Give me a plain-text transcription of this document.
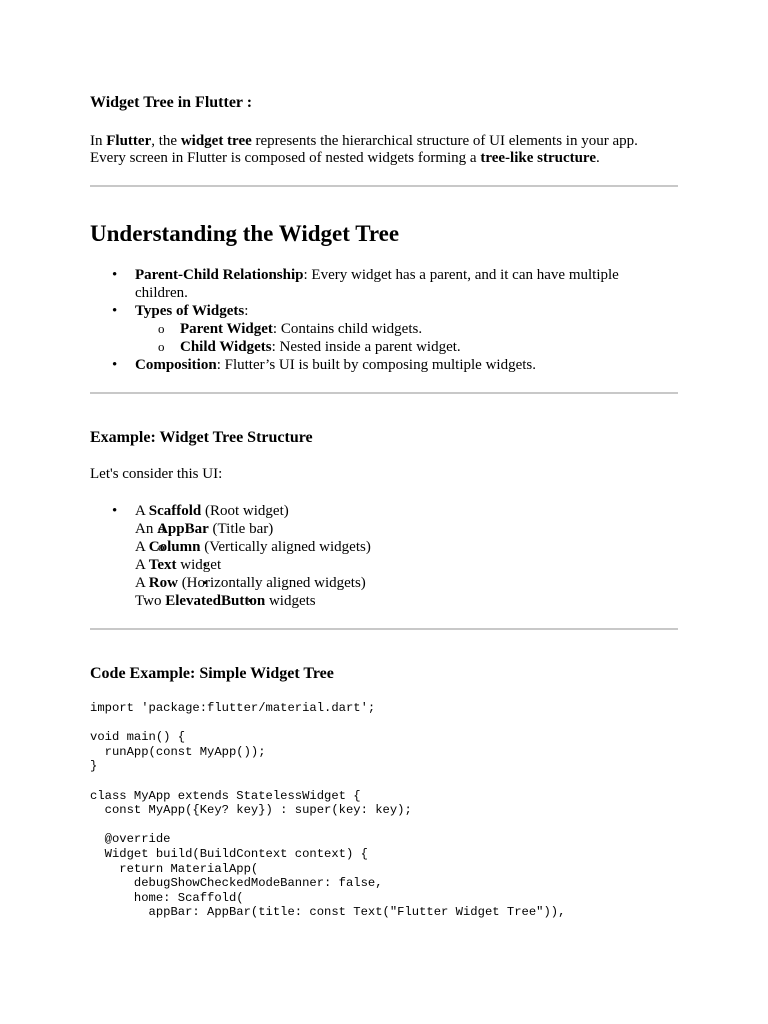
Widget Tree in Flutter :

In Flutter, the widget tree represents the hierarchical structure of UI elements in your app.

Every screen in Flutter is composed of nested widgets forming a tree-like structure.

Understanding the Widget Tree

• Parent-Child Relationship: Every widget has a parent, and it can have multiple
children.
• Types of Widgets:
o Parent Widget: Contains child widgets.
o Child Widgets: Nested inside a parent widget.
• Composition: Flutter’s UI is built by composing multiple widgets.

Example: Widget Tree Structure

Let's consider this UI:

• A Scaffold (Root widget)
o An AppBar (Title bar)
o A Column (Vertically aligned widgets)
▪ A Text widget
▪ A Row (Horizontally aligned widgets)
▪ Two ElevatedButton widgets

Code Example: Simple Widget Tree

import 'package:flutter/material.dart';

void main() {
runApp(const MyApp());
}

class MyApp extends StatelessWidget {
const MyApp({Key? key}) : super(key: key);

@override
Widget build(BuildContext context) {
return MaterialApp(
debugShowCheckedModeBanner: false,
home: Scaffold(
appBar: AppBar(title: const Text("Flutter Widget Tree")),
